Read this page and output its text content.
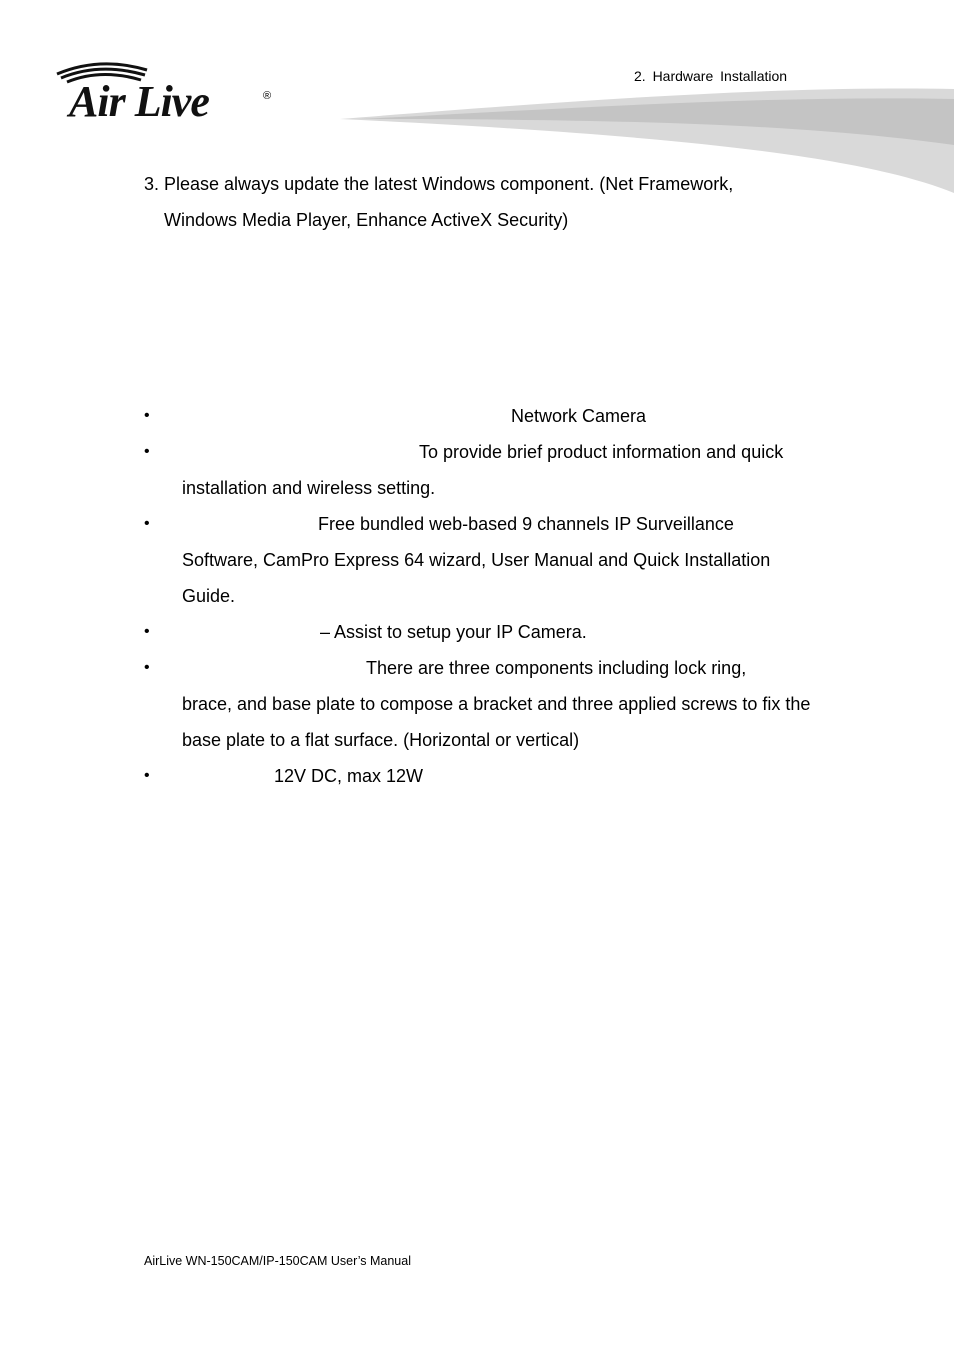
Air Live	®
2. Hardware Installation
3. Please always update the latest Windows component. (Net Framework,
Windows Media Player, Enhance ActiveX Security)
•	Network Camera
•	To provide brief product information and quick
installation and wireless setting.
•	Free bundled web-based 9 channels IP Surveillance
Software, CamPro Express 64 wizard, User Manual and Quick Installation Guide.
•	– Assist to setup your IP Camera.
•	There are three components including lock ring,
brace, and base plate to compose a bracket and three applied screws to fix the base plate to a flat surface. (Horizontal or vertical)
•	12V DC, max 12W
AirLive WN-150CAM/IP-150CAM User’s Manual
